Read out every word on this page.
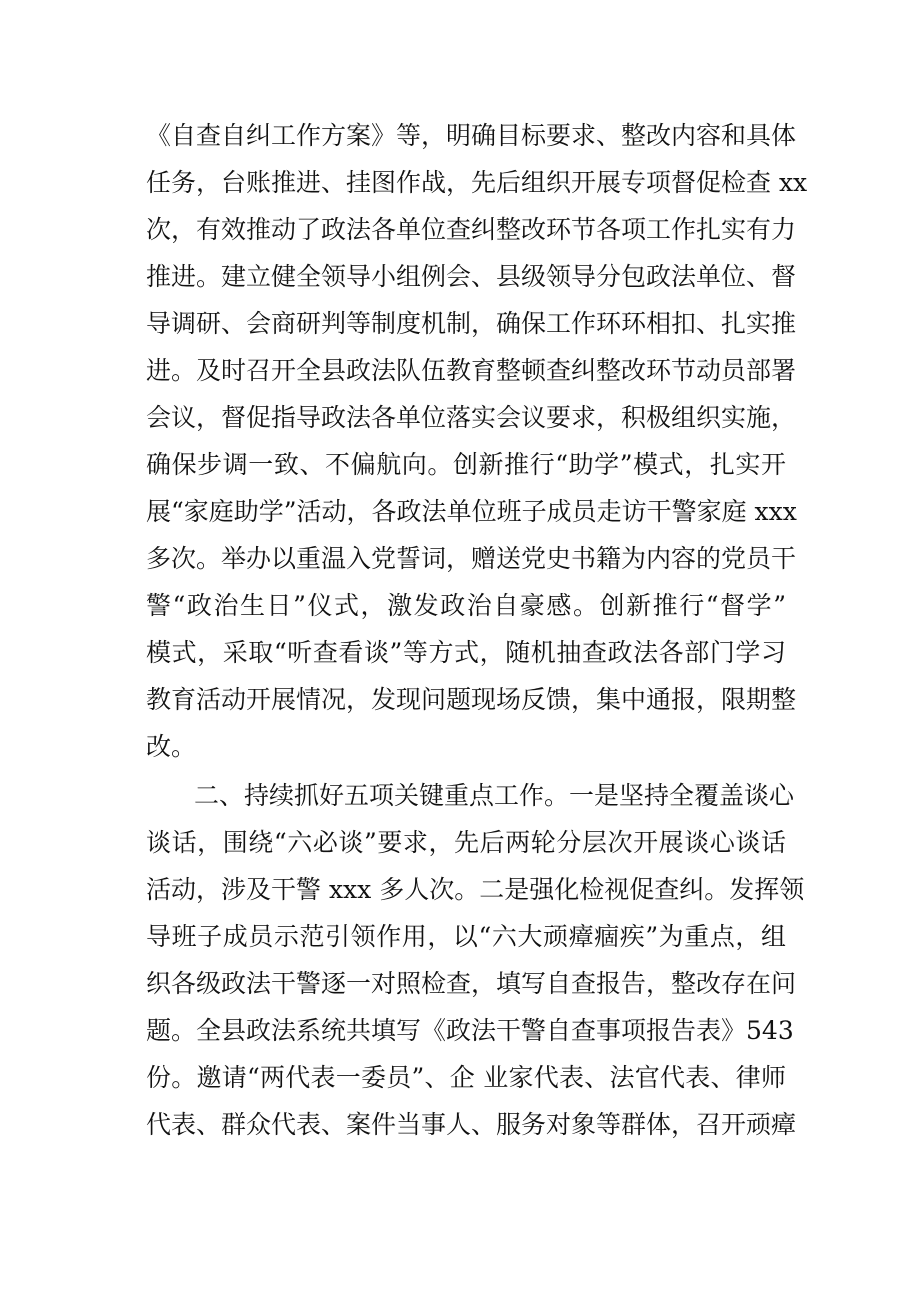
《自查自纠工作方案》等，明确目标要求、整改内容和具体
任务，台账推进、挂图作战，先后组织开展专项督促检查 xx
次，有效推动了政法各单位查纠整改环节各项工作扎实有力
推进。建立健全领导小组例会、县级领导分包政法单位、督
导调研、会商研判等制度机制，确保工作环环相扣、扎实推
进。及时召开全县政法队伍教育整顿查纠整改环节动员部署
会议，督促指导政法各单位落实会议要求，积极组织实施，
确保步调一致、不偏航向。创新推行“助学”模式，扎实开
展“家庭助学”活动，各政法单位班子成员走访干警家庭 xxx
多次。举办以重温入党誓词，赠送党史书籍为内容的党员干
警“政治生日”仪式，激发政治自豪感。创新推行“督学”
模式，采取“听查看谈”等方式，随机抽查政法各部门学习
教育活动开展情况，发现问题现场反馈，集中通报，限期整
改。
二、持续抓好五项关键重点工作。一是坚持全覆盖谈心
谈话，围绕“六必谈”要求，先后两轮分层次开展谈心谈话
活动，涉及干警 xxx 多人次。二是强化检视促查纠。发挥领
导班子成员示范引领作用，以“六大顽瘴痼疾”为重点，组
织各级政法干警逐一对照检查，填写自查报告，整改存在问
题。全县政法系统共填写《政法干警自查事项报告表》543
份。邀请“两代表一委员”、企 业家代表、法官代表、律师
代表、群众代表、案件当事人、服务对象等群体，召开顽瘴
